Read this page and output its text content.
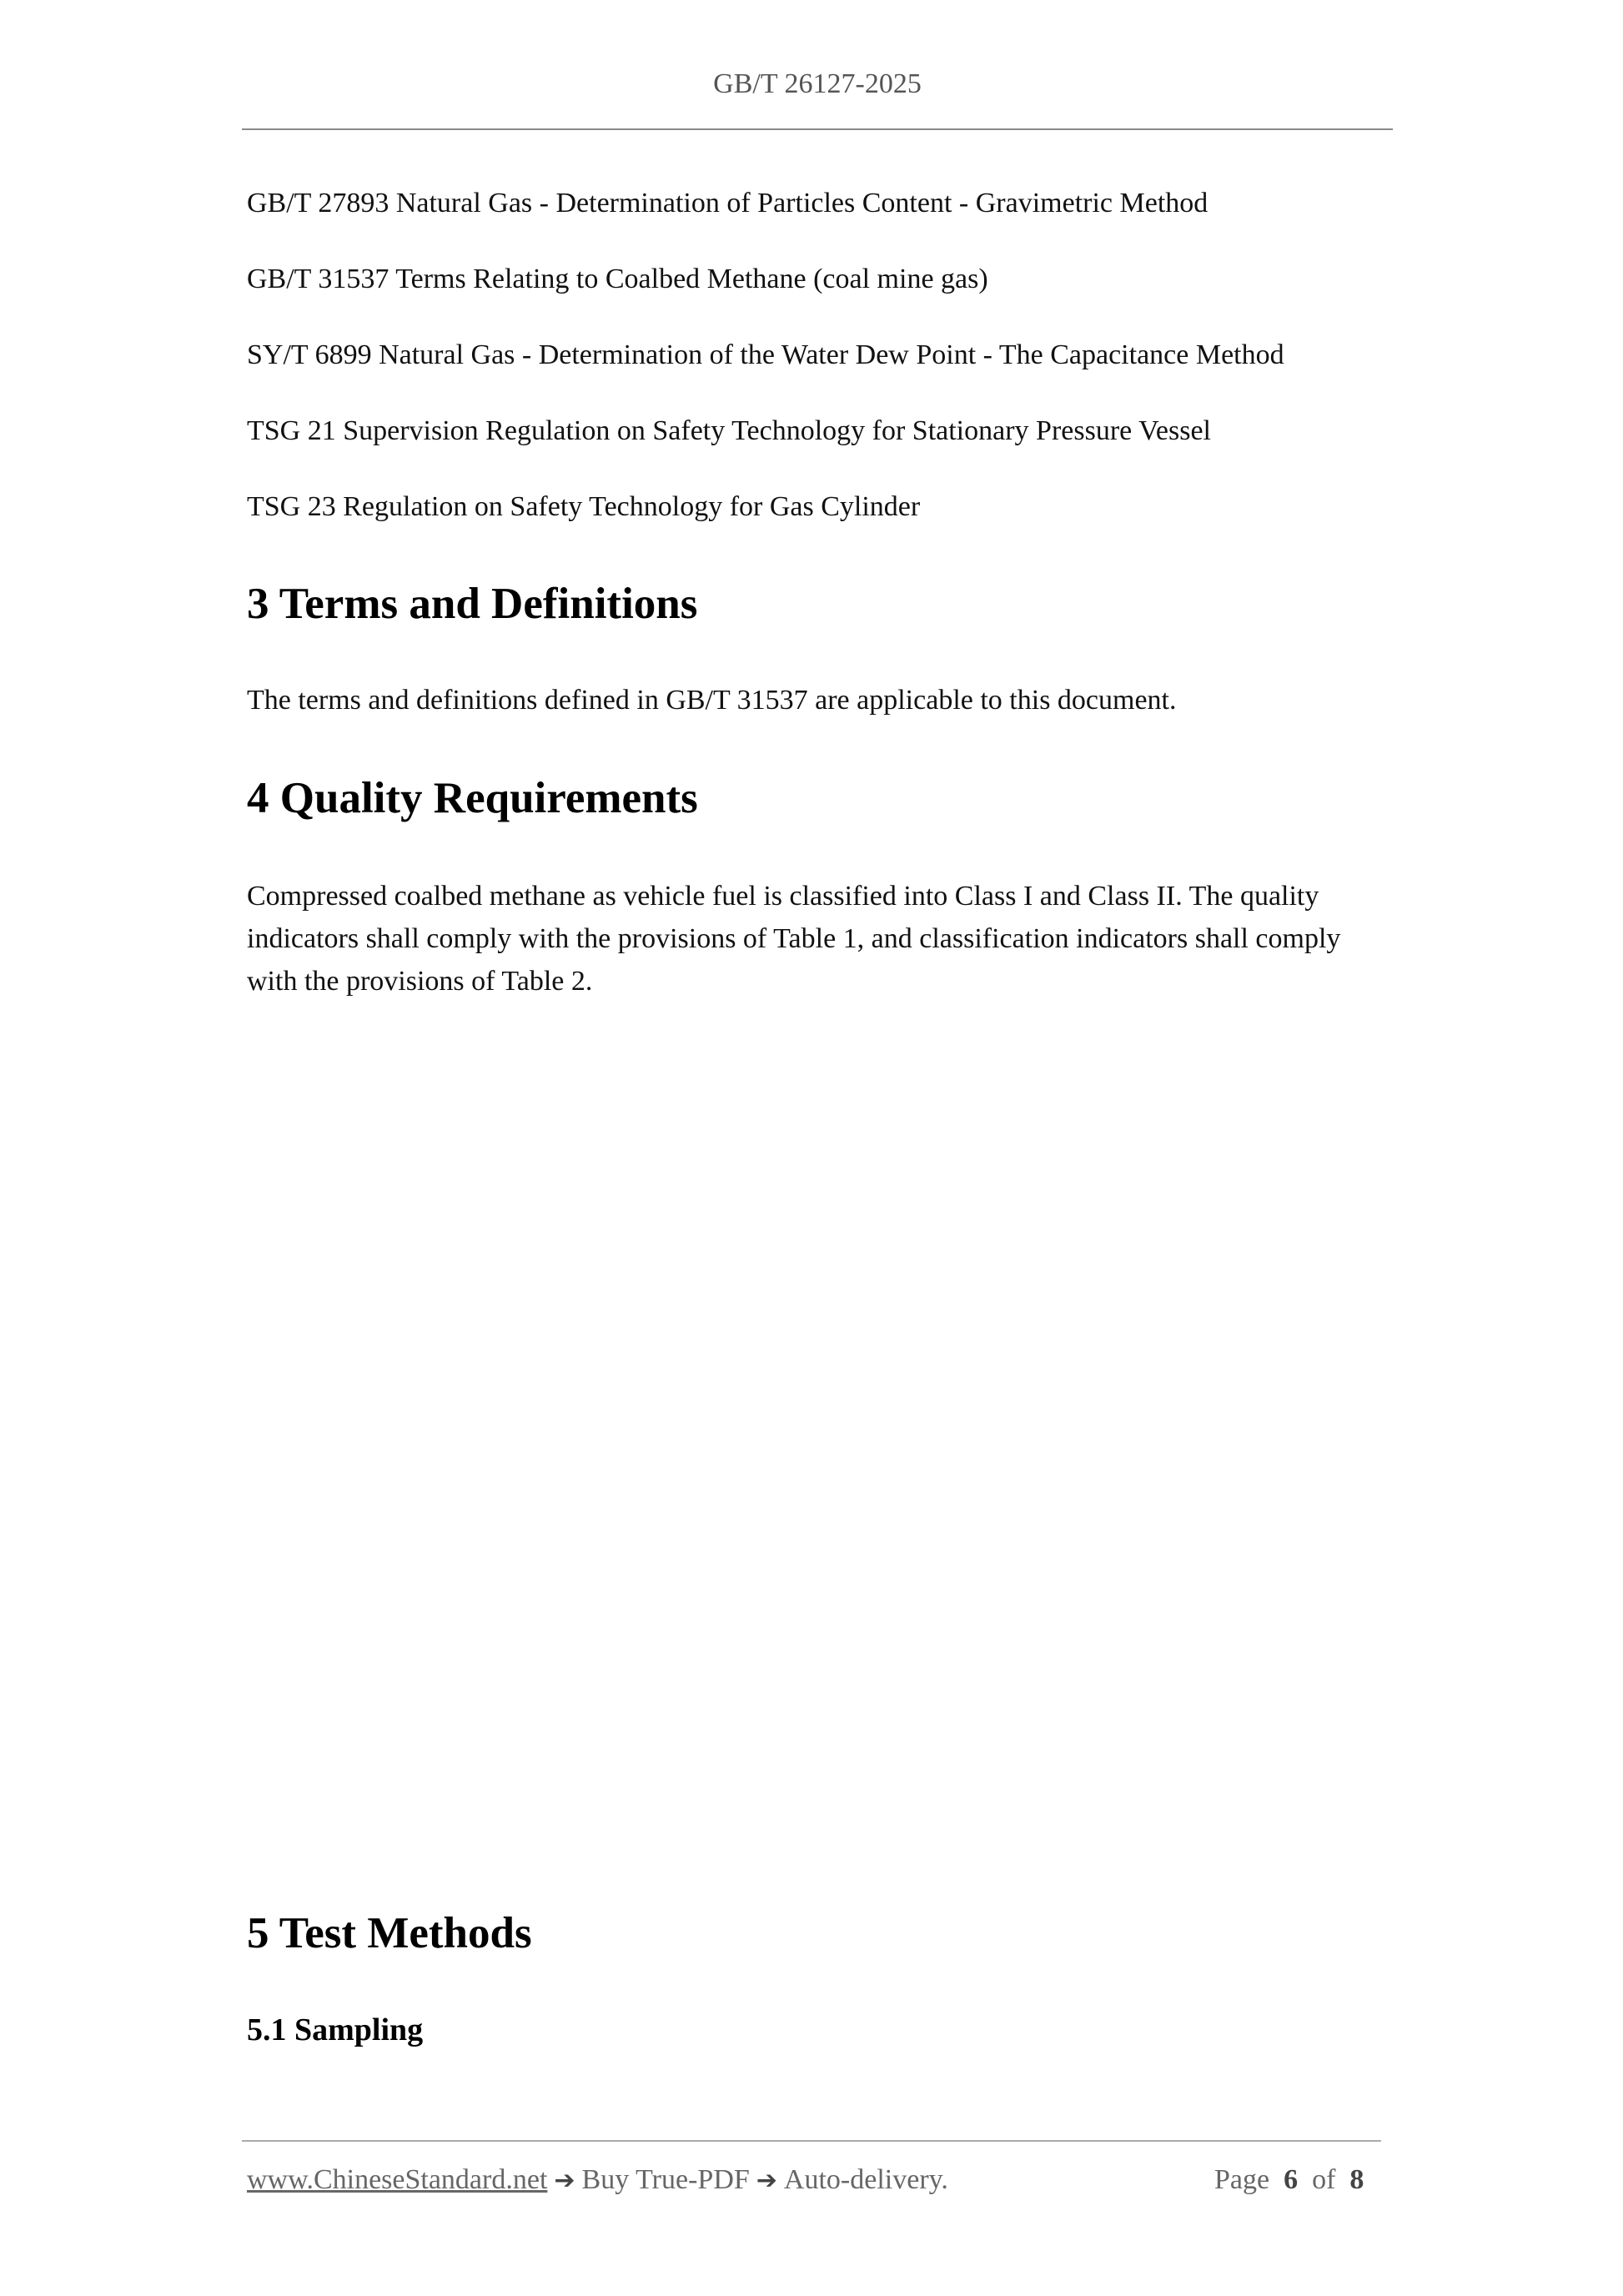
GB/T 26127-2025
GB/T 27893 Natural Gas - Determination of Particles Content - Gravimetric Method
GB/T 31537 Terms Relating to Coalbed Methane (coal mine gas)
SY/T 6899 Natural Gas - Determination of the Water Dew Point - The Capacitance Method
TSG 21 Supervision Regulation on Safety Technology for Stationary Pressure Vessel
TSG 23 Regulation on Safety Technology for Gas Cylinder
3 Terms and Definitions
The terms and definitions defined in GB/T 31537 are applicable to this document.
4 Quality Requirements
Compressed coalbed methane as vehicle fuel is classified into Class I and Class II. The quality
indicators shall comply with the provisions of Table 1, and classification indicators shall comply
with the provisions of Table 2.
5 Test Methods
5.1 Sampling
www.ChineseStandard.net ➔ Buy True-PDF ➔ Auto-delivery.	Page 6 of 8
